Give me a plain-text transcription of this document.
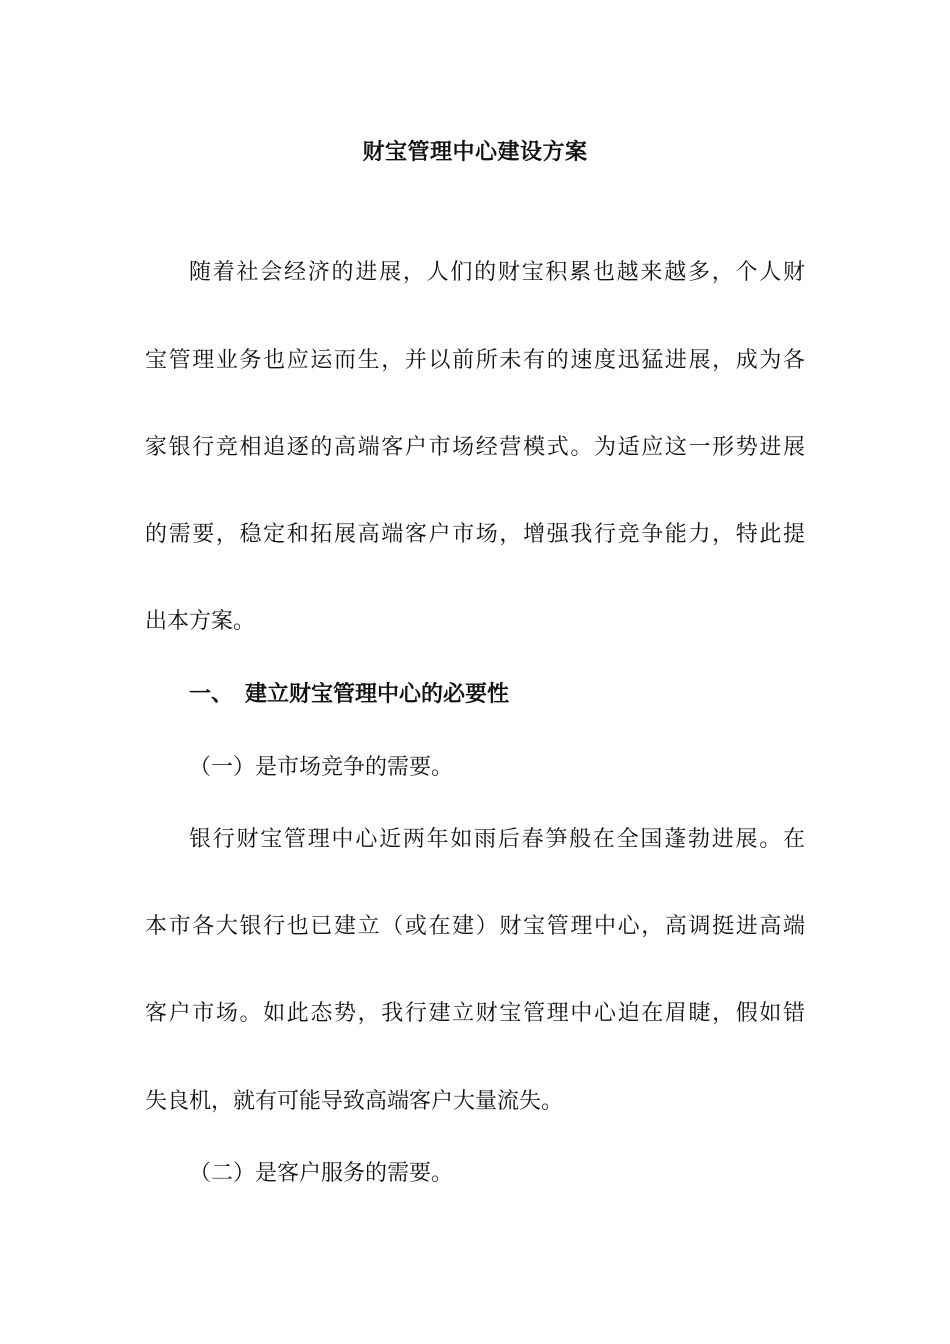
财宝管理中心建设方案
随着社会经济的进展，人们的财宝积累也越来越多，个人财
宝管理业务也应运而生，并以前所未有的速度迅猛进展，成为各
家银行竞相追逐的高端客户市场经营模式。为适应这一形势进展
的需要，稳定和拓展高端客户市场，增强我行竞争能力，特此提
出本方案。
一、 建立财宝管理中心的必要性
（一）是市场竞争的需要。
银行财宝管理中心近两年如雨后春笋般在全国蓬勃进展。在
本市各大银行也已建立（或在建）财宝管理中心，高调挺进高端
客户市场。如此态势，我行建立财宝管理中心迫在眉睫，假如错
失良机，就有可能导致高端客户大量流失。
（二）是客户服务的需要。
